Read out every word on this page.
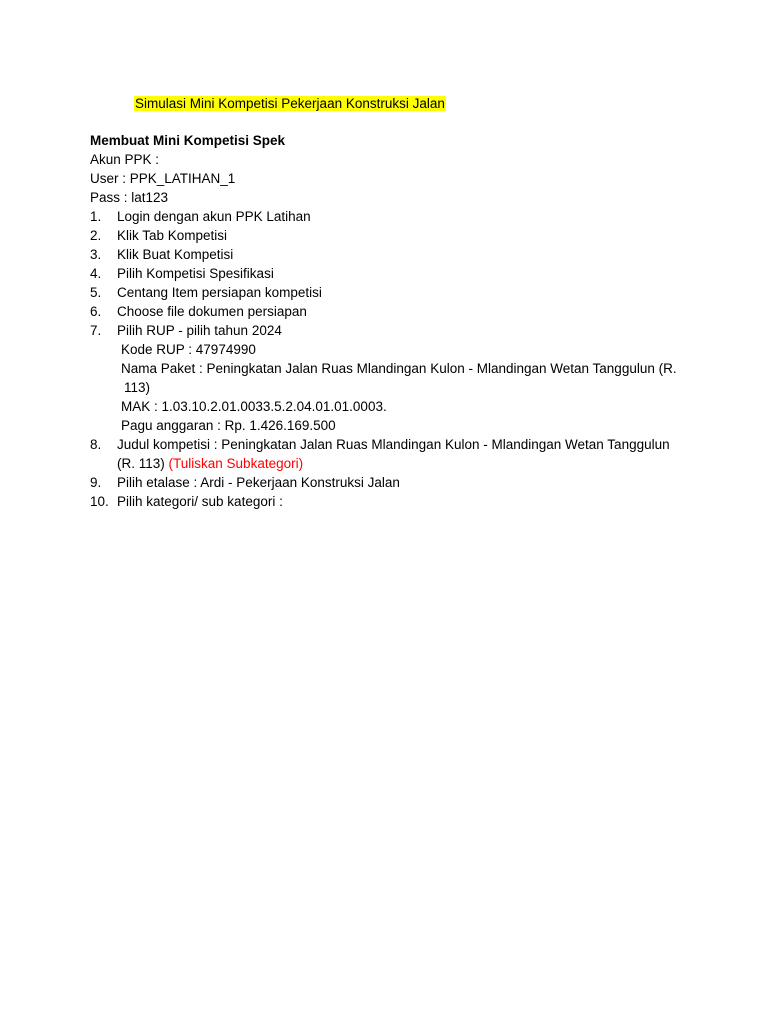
Simulasi Mini Kompetisi Pekerjaan Konstruksi Jalan
Membuat Mini Kompetisi Spek
Akun PPK :
User : PPK_LATIHAN_1
Pass : lat123
1. Login dengan akun PPK Latihan
2. Klik Tab Kompetisi
3. Klik Buat Kompetisi
4. Pilih Kompetisi Spesifikasi
5. Centang Item persiapan kompetisi
6. Choose file dokumen persiapan
7. Pilih RUP - pilih tahun 2024
Kode RUP : 47974990
Nama Paket : Peningkatan Jalan Ruas Mlandingan Kulon - Mlandingan Wetan Tanggulun (R.
113)
MAK : 1.03.10.2.01.0033.5.2.04.01.01.0003.
Pagu anggaran : Rp. 1.426.169.500
8. Judul kompetisi : Peningkatan Jalan Ruas Mlandingan Kulon - Mlandingan Wetan Tanggulun
(R. 113) (Tuliskan Subkategori)
9. Pilih etalase : Ardi - Pekerjaan Konstruksi Jalan
10. Pilih kategori/ sub kategori :
